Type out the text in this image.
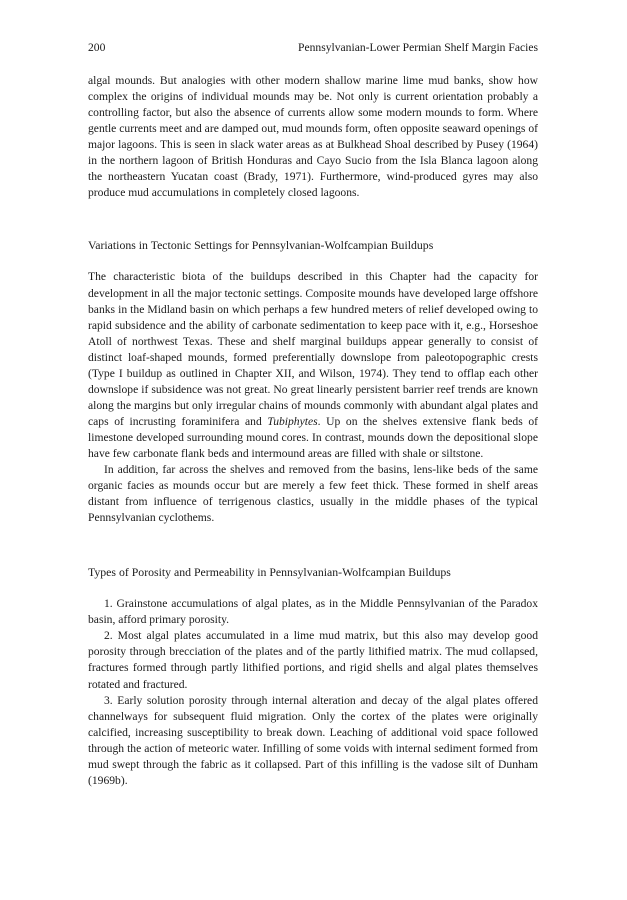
200	Pennsylvanian-Lower Permian Shelf Margin Facies

algal mounds. But analogies with other modern shallow marine lime mud banks, show how complex the origins of individual mounds may be. Not only is current orientation probably a controlling factor, but also the absence of currents allow some modern mounds to form. Where gentle currents meet and are damped out, mud mounds form, often opposite seaward openings of major lagoons. This is seen in slack water areas as at Bulkhead Shoal described by Pusey (1964) in the northern lagoon of British Honduras and Cayo Sucio from the Isla Blanca lagoon along the northeastern Yucatan coast (Brady, 1971). Furthermore, wind-produced gyres may also produce mud accumulations in completely closed lagoons.

Variations in Tectonic Settings for Pennsylvanian-Wolfcampian Buildups

The characteristic biota of the buildups described in this Chapter had the capacity for development in all the major tectonic settings. Composite mounds have developed large offshore banks in the Midland basin on which perhaps a few hundred meters of relief developed owing to rapid subsidence and the ability of carbonate sedimentation to keep pace with it, e.g., Horseshoe Atoll of northwest Texas. These and shelf marginal buildups appear generally to consist of distinct loaf-shaped mounds, formed preferentially downslope from paleotopographic crests (Type I buildup as outlined in Chapter XII, and Wilson, 1974). They tend to offlap each other downslope if subsidence was not great. No great linearly persistent barrier reef trends are known along the margins but only irregular chains of mounds commonly with abundant algal plates and caps of incrusting foraminifera and Tubiphytes. Up on the shelves extensive flank beds of limestone developed surrounding mound cores. In contrast, mounds down the depositional slope have few carbonate flank beds and intermound areas are filled with shale or siltstone.

In addition, far across the shelves and removed from the basins, lens-like beds of the same organic facies as mounds occur but are merely a few feet thick. These formed in shelf areas distant from influence of terrigenous clastics, usually in the middle phases of the typical Pennsylvanian cyclothems.

Types of Porosity and Permeability in Pennsylvanian-Wolfcampian Buildups

1. Grainstone accumulations of algal plates, as in the Middle Pennsylvanian of the Paradox basin, afford primary porosity.

2. Most algal plates accumulated in a lime mud matrix, but this also may develop good porosity through brecciation of the plates and of the partly lithified matrix. The mud collapsed, fractures formed through partly lithified portions, and rigid shells and algal plates themselves rotated and fractured.

3. Early solution porosity through internal alteration and decay of the algal plates offered channelways for subsequent fluid migration. Only the cortex of the plates were originally calcified, increasing susceptibility to break down. Leaching of additional void space followed through the action of meteoric water. Infilling of some voids with internal sediment formed from mud swept through the fabric as it collapsed. Part of this infilling is the vadose silt of Dunham (1969b).
